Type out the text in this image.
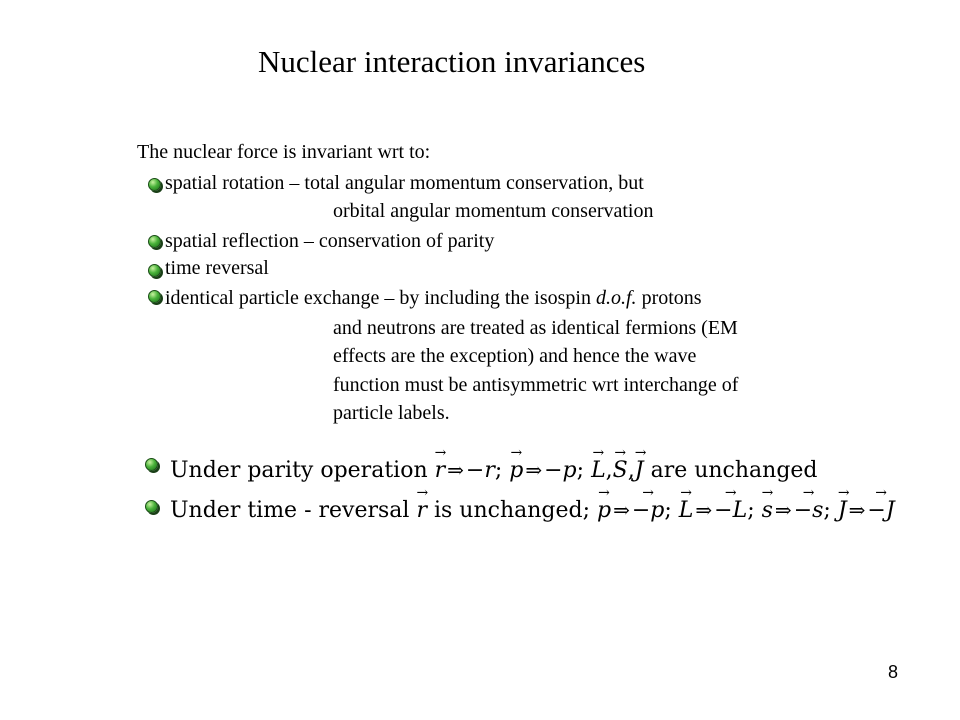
Nuclear interaction invariances
The nuclear force is invariant wrt to:
spatial rotation – total angular momentum conservation, but
orbital angular momentum conservation
spatial reflection – conservation of parity
time reversal
identical particle exchange – by including the isospin d.o.f. protons
and neutrons are treated as identical fermions (EM
effects are the exception) and hence the wave
function must be antisymmetric wrt interchange of
particle labels.
Under parity operation → r ⇒−r; → p ⇒−p; → L,→ S,→ J are unchanged
Under time - reversal → r is unchanged; → p ⇒→ −p; → L ⇒→ −L; → s ⇒→ −s; → J ⇒→ −J
8
